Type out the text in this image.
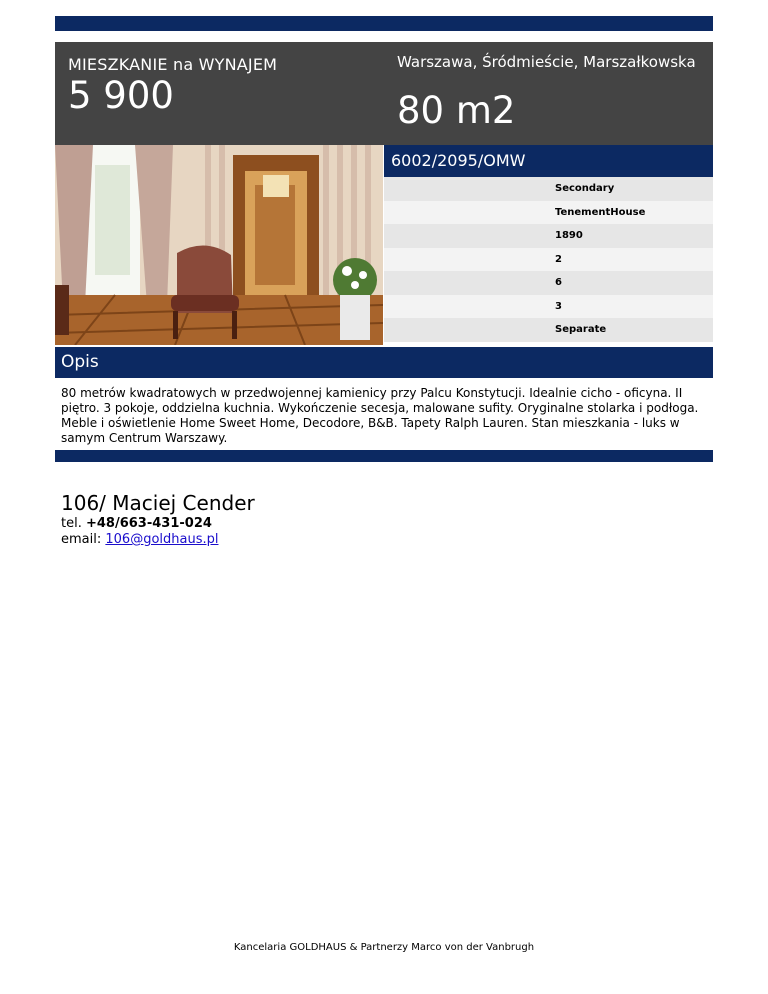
MIESZKANIE na WYNAJEM
5 900
Warszawa, Śródmieście, Marszałkowska
80 m2
6002/2095/OMW
Secondary
TenementHouse
1890
2
6
3
Separate
Opis
80 metrów kwadratowych w przedwojennej kamienicy przy Palcu Konstytucji. Idealnie cicho - oficyna. II piętro. 3 pokoje, oddzielna kuchnia. Wykończenie secesja, malowane sufity. Oryginalne stolarka i podłoga. Meble i oświetlenie Home Sweet Home, Decodore, B&B. Tapety Ralph Lauren. Stan mieszkania - luks w samym Centrum Warszawy.
106/ Maciej Cender
tel. +48/663-431-024
email: 106@goldhaus.pl
Kancelaria GOLDHAUS & Partnerzy Marco von der Vanbrugh
